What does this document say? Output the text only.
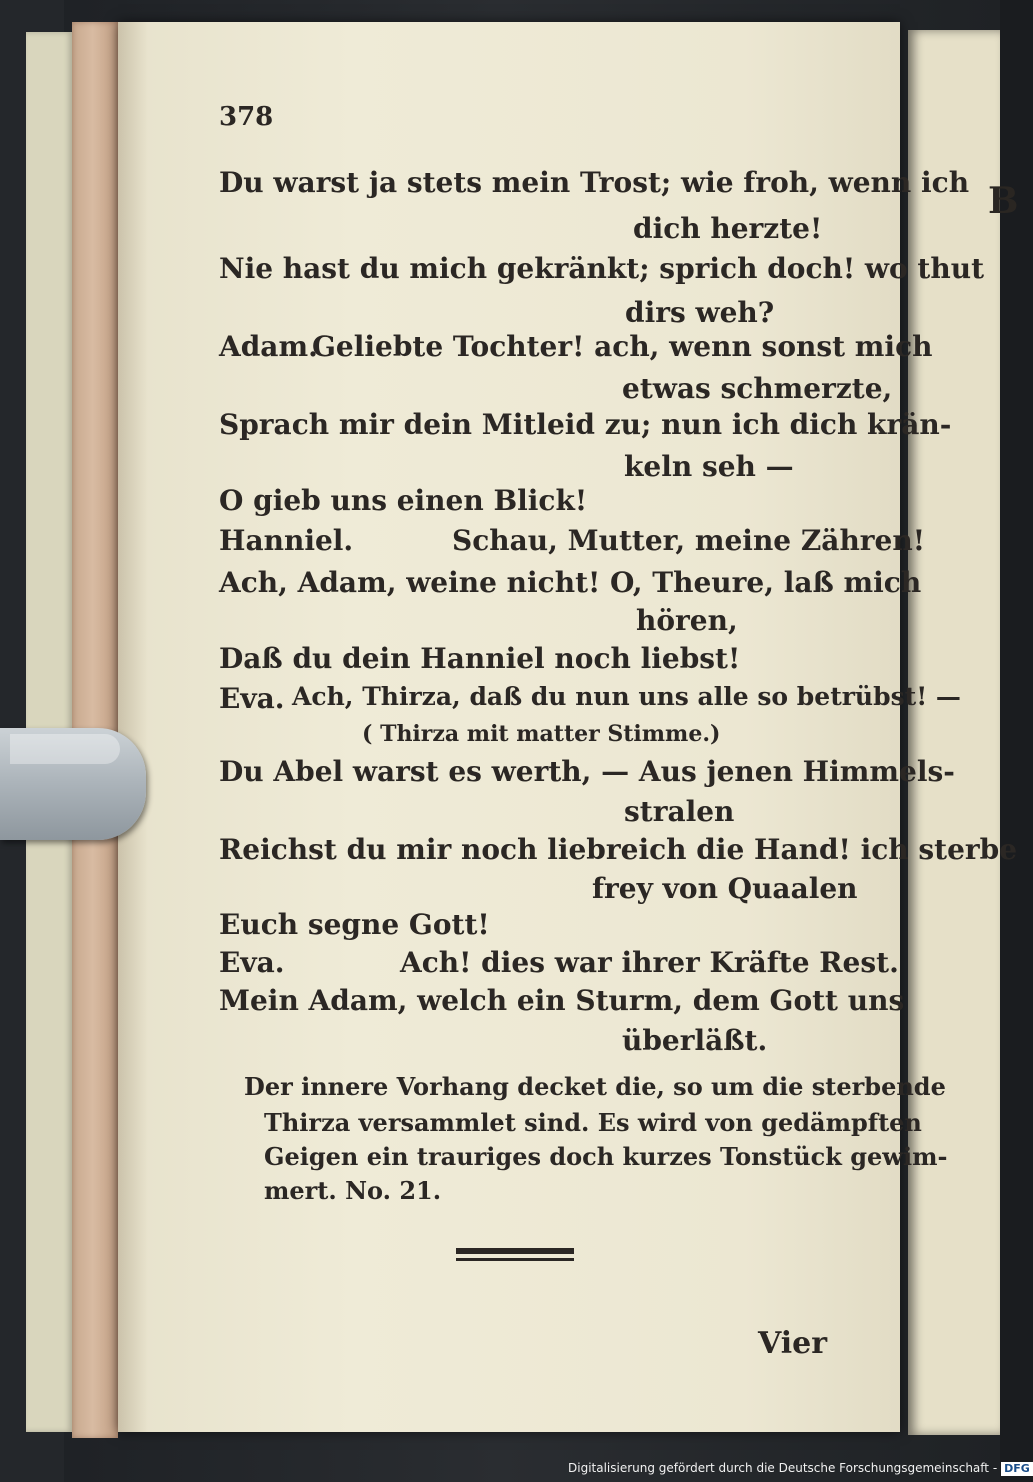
B
378
Du warst ja stets mein Trost; wie froh, wenn ich
dich herzte!
Nie hast du mich gekränkt; sprich doch! wo thut
dirs weh?
Adam.
Geliebte Tochter! ach, wenn sonst mich
etwas schmerzte,
Sprach mir dein Mitleid zu; nun ich dich krän-
keln seh —
O gieb uns einen Blick!
Hanniel.	Schau, Mutter, meine Zähren!
Ach, Adam, weine nicht! O, Theure, laß mich
hören,
Daß du dein Hanniel noch liebst!
Eva. Ach, Thirza, daß du nun uns alle so betrübst! —
( Thirza mit matter Stimme.)
Du Abel warst es werth, — Aus jenen Himmels-
stralen
Reichst du mir noch liebreich die Hand! ich sterbe
frey von Quaalen
Euch segne Gott!
Eva.	Ach! dies war ihrer Kräfte Rest.
Mein Adam, welch ein Sturm, dem Gott uns
überläßt.
Der innere Vorhang decket die, so um die sterbende
Thirza versammlet sind. Es wird von gedämpften
Geigen ein trauriges doch kurzes Tonstück gewim-
mert. No. 21.
Vier
Digitalisierung gefördert durch die Deutsche Forschungsgemeinschaft - DFG
